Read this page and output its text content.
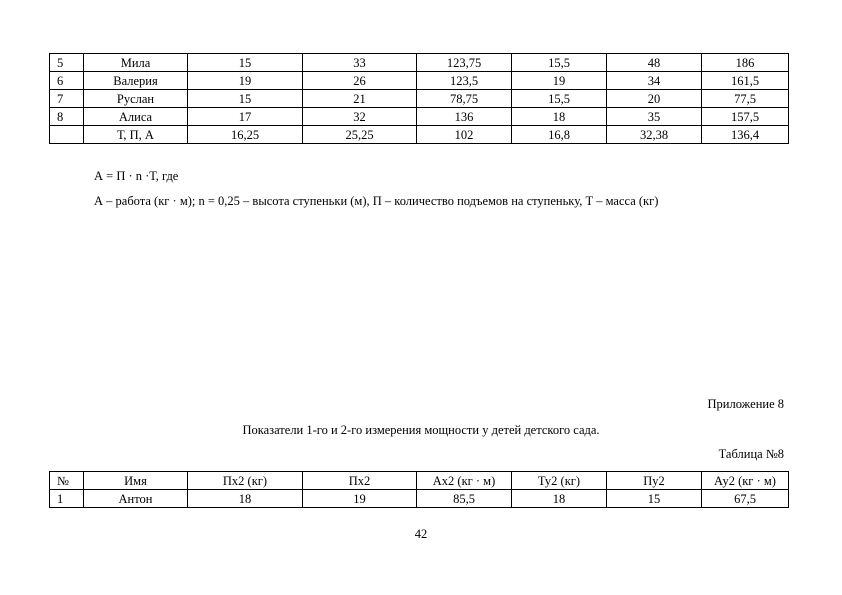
5	Мила	15	33	123,75	15,5	48	186
6	Валерия	19	26	123,5	19	34	161,5
7	Руслан	15	21	78,75	15,5	20	77,5
8	Алиса	17	32	136	18	35	157,5
	Т, П, А	16,25	25,25	102	16,8	32,38	136,4
А = П · n ·Т, где
А – работа (кг · м); n = 0,25 – высота ступеньки (м), П – количество подъемов на ступеньку, Т – масса (кг)
Приложение 8
Показатели 1-го и 2-го измерения мощности у детей детского сада.
Таблица №8
№	Имя	Пх2 (кг)	Пх2	Ах2 (кг · м)	Ту2 (кг)	Пу2	Ау2 (кг · м)
1	Антон	18	19	85,5	18	15	67,5
42
